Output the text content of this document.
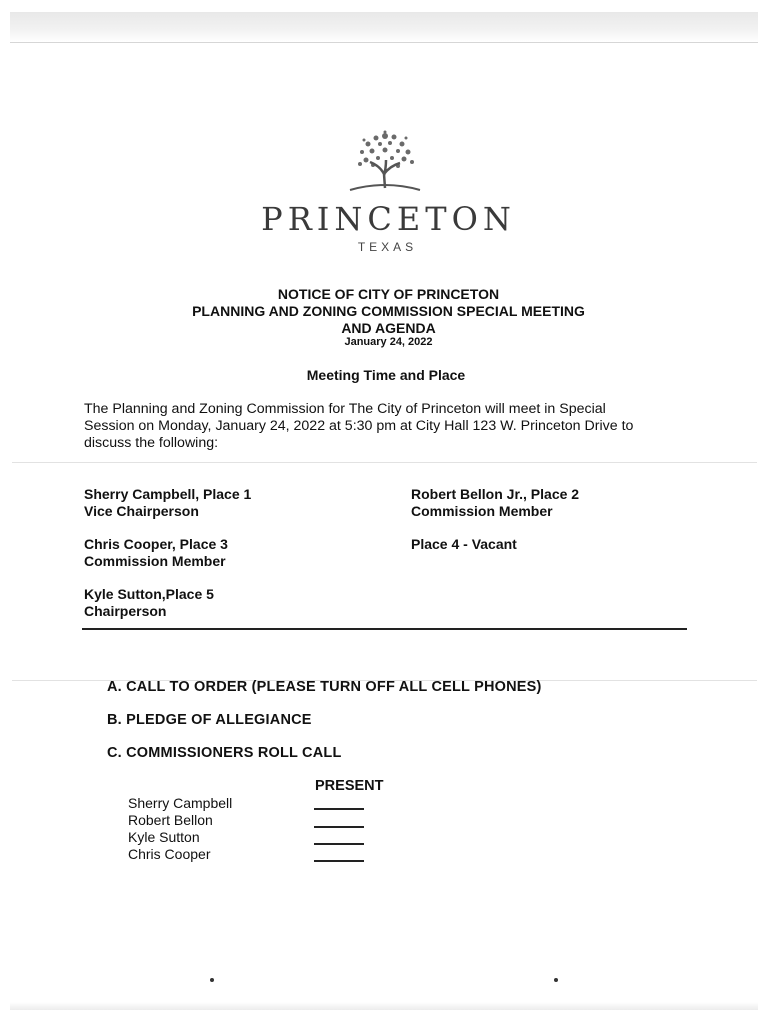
PRINCETON
TEXAS
NOTICE OF CITY OF PRINCETON
PLANNING AND ZONING COMMISSION SPECIAL MEETING
AND AGENDA
January 24, 2022
Meeting Time and Place
The Planning and Zoning Commission for The City of Princeton will meet in Special
Session on Monday, January 24, 2022 at 5:30 pm at City Hall 123 W. Princeton Drive to
discuss the following:
Sherry Campbell, Place 1
Vice Chairperson
Robert Bellon Jr., Place 2
Commission Member
Chris Cooper, Place 3
Commission Member
Place 4 - Vacant
Kyle Sutton,Place 5
Chairperson
A. CALL TO ORDER (PLEASE TURN OFF ALL CELL PHONES)
B. PLEDGE OF ALLEGIANCE
C. COMMISSIONERS ROLL CALL
PRESENT
Sherry Campbell
Robert Bellon
Kyle Sutton
Chris Cooper
